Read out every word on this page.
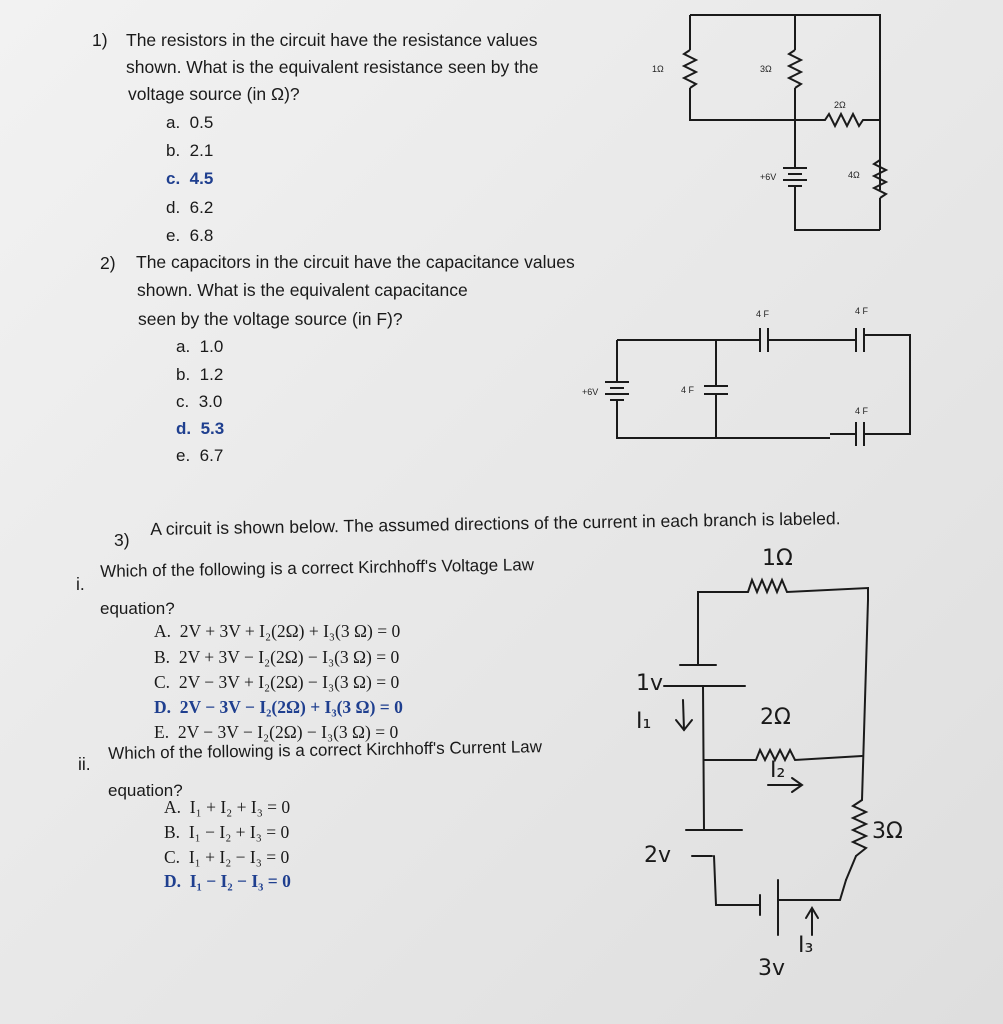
1) The resistors in the circuit have the resistance values
shown. What is the equivalent resistance seen by the
voltage source (in Ω)?
a. 0.5
b. 2.1
c. 4.5
d. 6.2
e. 6.8
2) The capacitors in the circuit have the capacitance values
shown. What is the equivalent capacitance
seen by the voltage source (in F)?
a. 1.0
b. 1.2
c. 3.0
d. 5.3
e. 6.7
3)
A circuit is shown below. The assumed directions of the current in each branch is labeled.
i.
Which of the following is a correct Kirchhoff's Voltage Law
equation?
A. 2V + 3V + I₂(2Ω) + I₃(3 Ω) = 0
B. 2V + 3V − I₂(2Ω) − I₃(3 Ω) = 0
C. 2V − 3V + I₂(2Ω) − I₃(3 Ω) = 0
D. 2V − 3V − I₂(2Ω) + I₃(3 Ω) = 0
E. 2V − 3V − I₂(2Ω) − I₃(3 Ω) = 0
ii.
Which of the following is a correct Kirchhoff's Current Law
equation?
A. I₁ + I₂ + I₃ = 0
B. I₁ − I₂ + I₃ = 0
C. I₁ + I₂ − I₃ = 0
D. I₁ − I₂ − I₃ = 0
1Ω	3Ω
2Ω
4Ω
+6V
+6V	4 F
4 F	4 F
4 F
1Ω
1v
I₁	2Ω
I₂
3Ω
2v
3v
I₃
